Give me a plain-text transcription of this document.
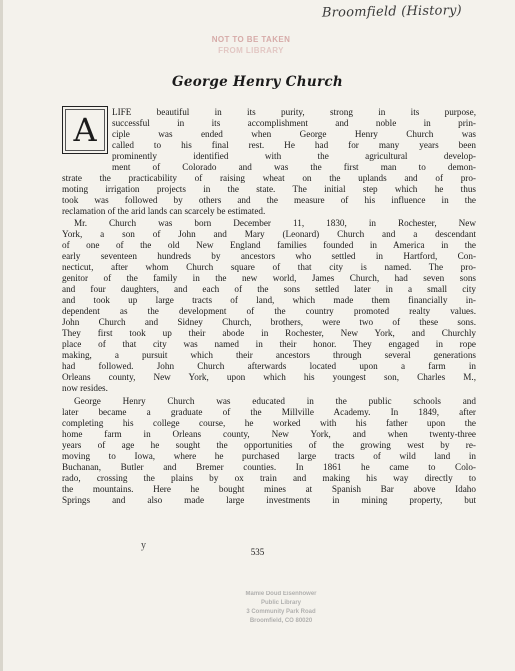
Broomfield (History)
NOT TO BE TAKEN
FROM LIBRARY
George Henry Church
A	LIFE beautiful in its purity, strong in its purpose,
successful in its accomplishment and noble in prin-
ciple was ended when George Henry Church was
called to his final rest. He had for many years been
prominently identified with the agricultural develop-
ment of Colorado and was the first man to demon-
strate the practicability of raising wheat on the uplands and of pro-
moting irrigation projects in the state. The initial step which he thus
took was followed by others and the measure of his influence in the
reclamation of the arid lands can scarcely be estimated.
Mr. Church was born December 11, 1830, in Rochester, New
York, a son of John and Mary (Leonard) Church and a descendant
of one of the old New England families founded in America in the
early seventeen hundreds by ancestors who settled in Hartford, Con-
necticut, after whom Church square of that city is named. The pro-
genitor of the family in the new world, James Church, had seven sons
and four daughters, and each of the sons settled later in a small city
and took up large tracts of land, which made them financially in-
dependent as the development of the country promoted realty values.
John Church and Sidney Church, brothers, were two of these sons.
They first took up their abode in Rochester, New York, and Churchly
place of that city was named in their honor. They engaged in rope
making, a pursuit which their ancestors through several generations
had followed. John Church afterwards located upon a farm in
Orleans county, New York, upon which his youngest son, Charles M.,
now resides.
George Henry Church was educated in the public schools and
later became a graduate of the Millville Academy. In 1849, after
completing his college course, he worked with his father upon the
home farm in Orleans county, New York, and when twenty-three
years of age he sought the opportunities of the growing west by re-
moving to Iowa, where he purchased large tracts of wild land in
Buchanan, Butler and Bremer counties. In 1861 he came to Colo-
rado, crossing the plains by ox train and making his way directly to
the mountains. Here he bought mines at Spanish Bar above Idaho
Springs and also made large investments in mining property, but
y
535
Mamie Doud Eisenhower
Public Library
3 Community Park Road
Broomfield, CO 80020
